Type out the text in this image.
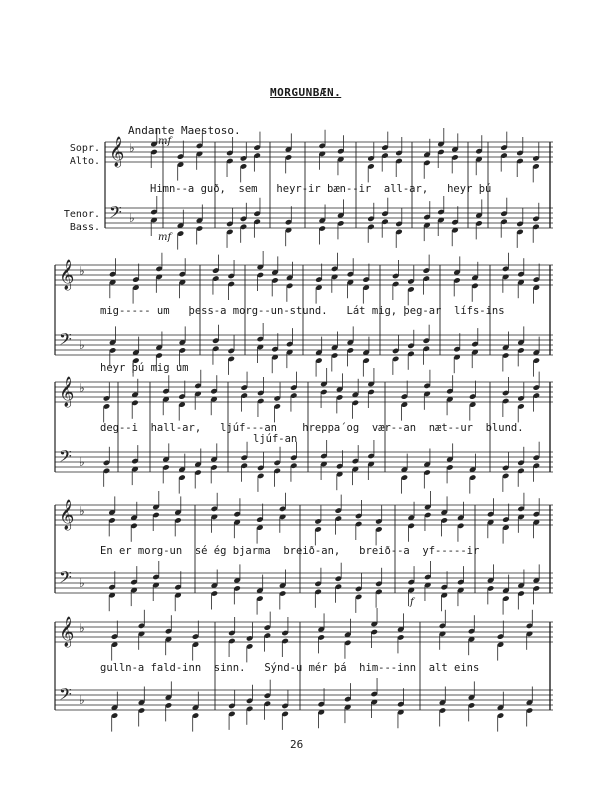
MORGUNBÆN.
Andante Maestoso.
mf
mf
f
Sopr.
Alto.
Tenor.
Bass.
𝄞 ♭
𝄢 ♭
𝄞 ♭
𝄢 ♭
𝄞 ♭
𝄢 ♭
𝄞 ♭
𝄢 ♭
𝄞 ♭
𝄢 ♭
Himn--a guð,  sem   heyr-ir bæn--ir  all-ar,   heyr þú
mig----- um   þess-a morg--un-stund.   Lát mig, þeg-ar  lífs-ins
heyr þú mig um
deg--i  hall-ar,   ljúf---an    hreppa´og  vær--an  næt--ur  blund.
ljúf-an
En er morg-un  sé ég bjarma  breið-an,   breið--a  yf-----ir
gulln-a fald-inn  sinn.   Sýnd-u mér þá  him---inn  alt eins
26
